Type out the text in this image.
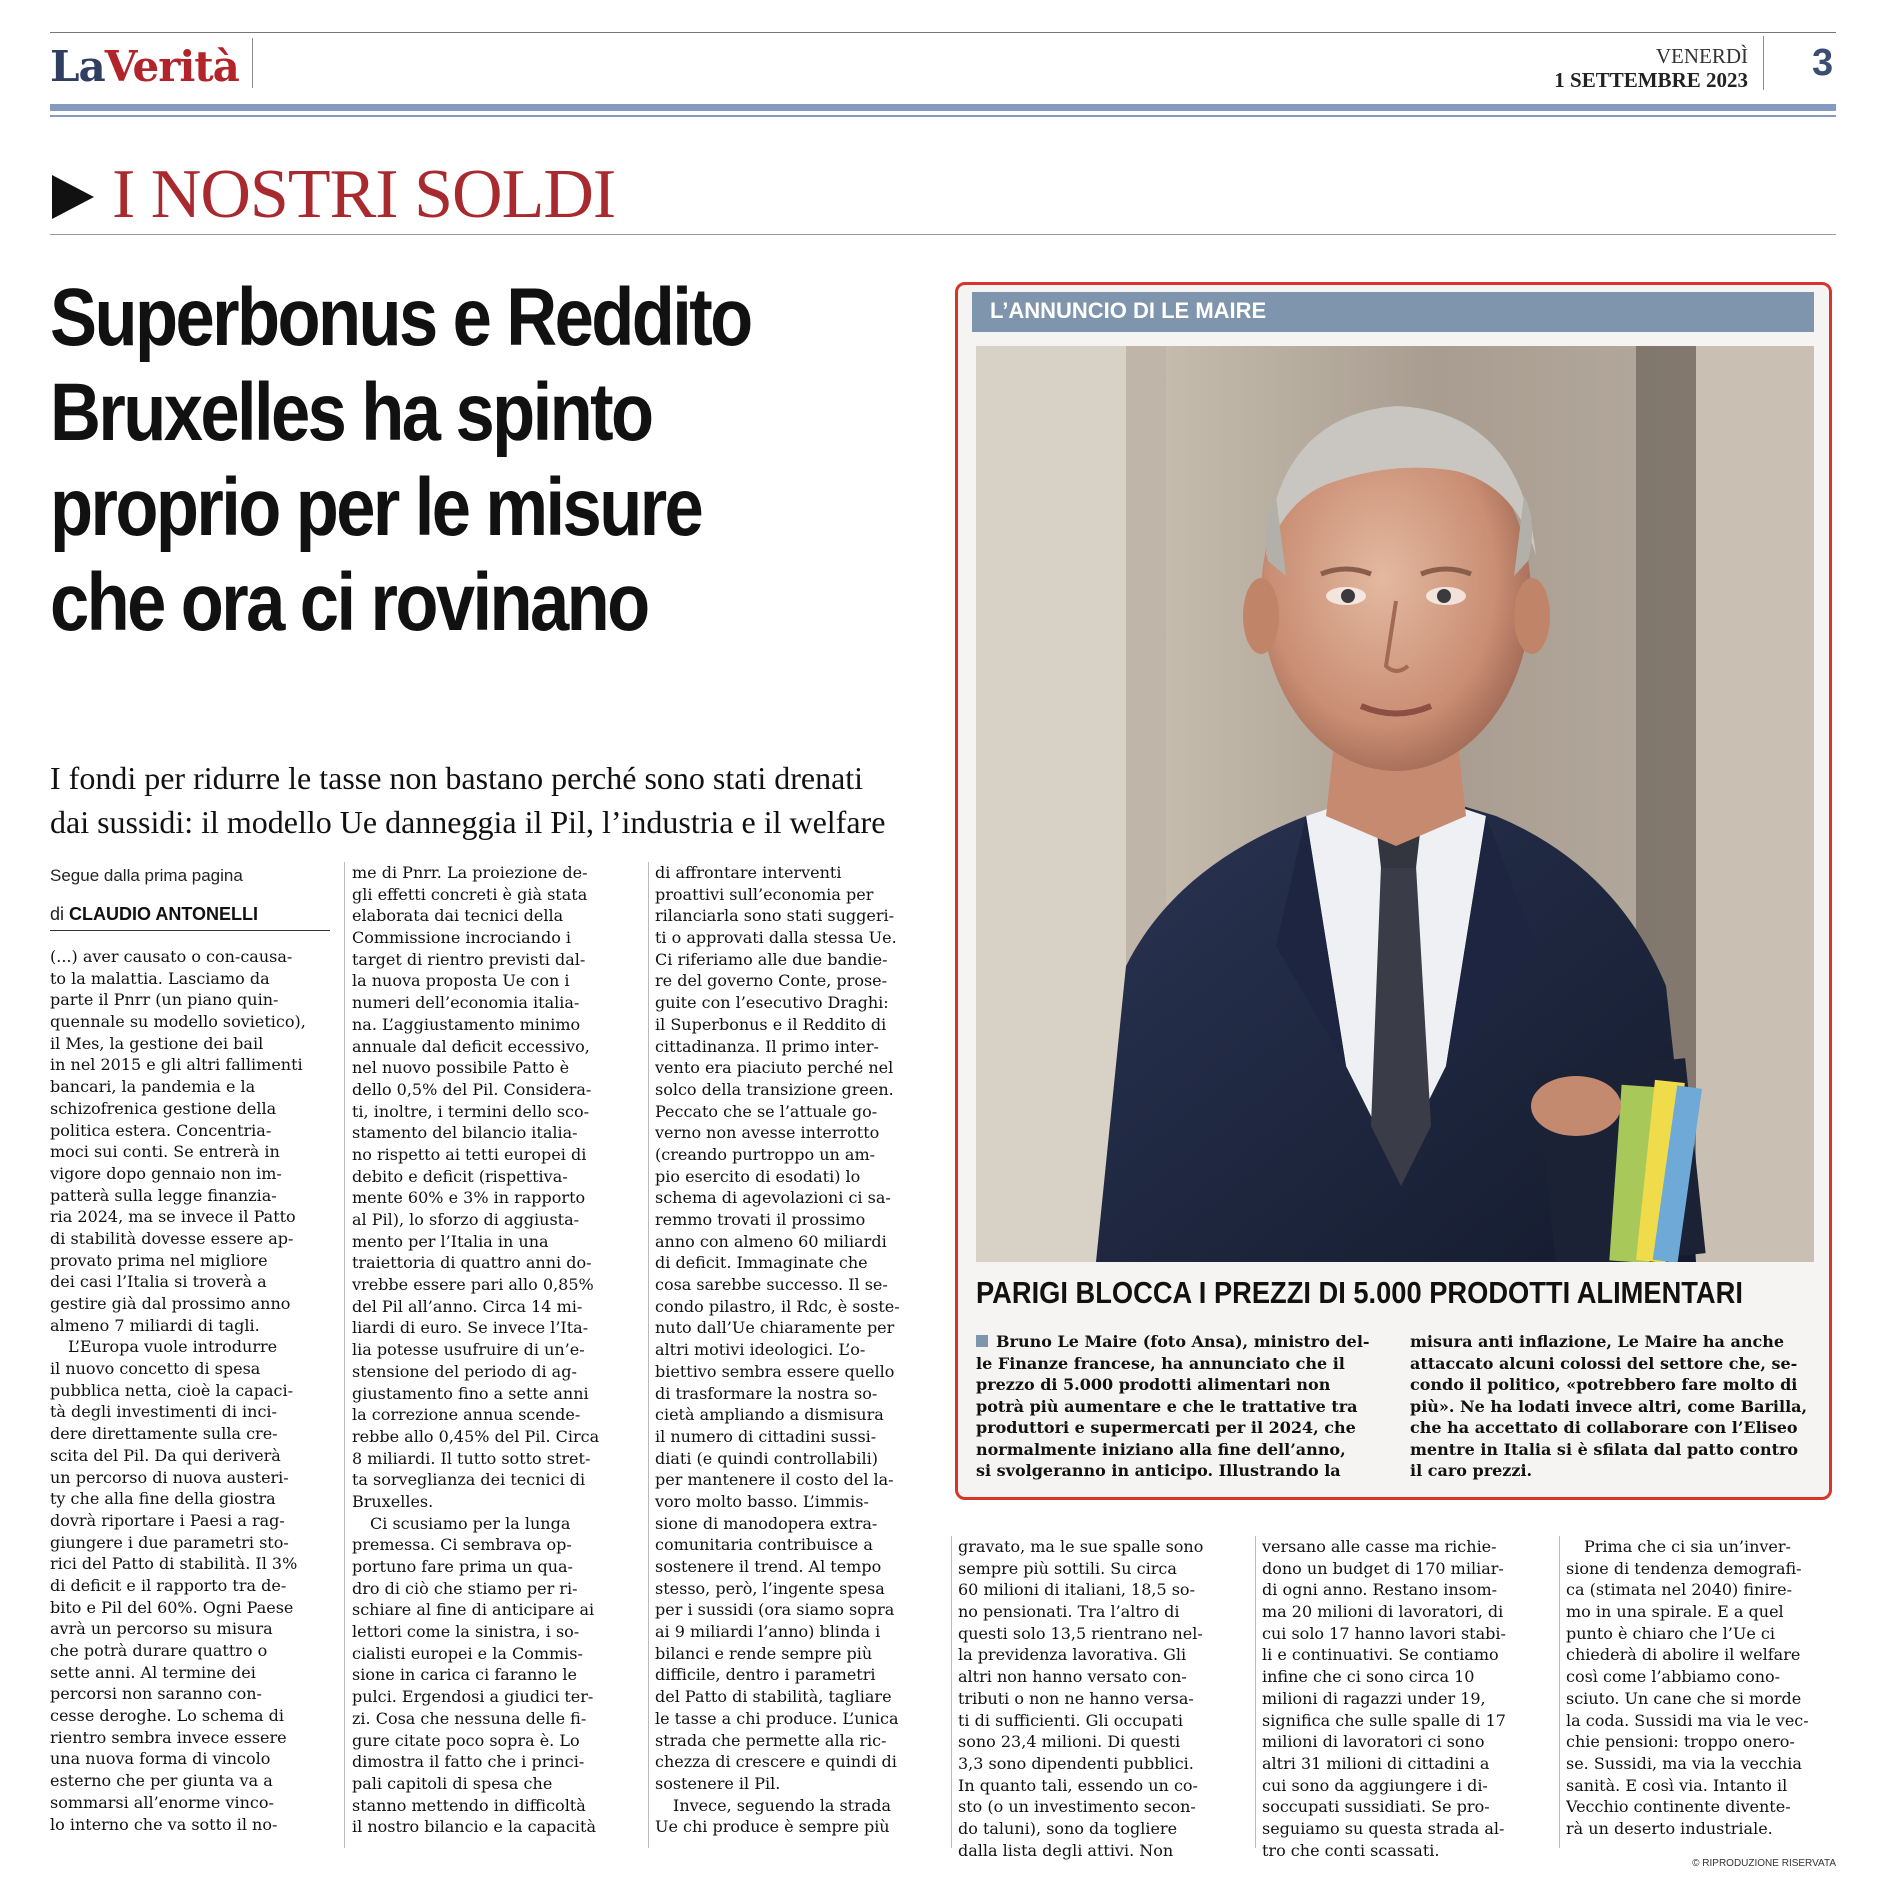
LaVerità	VENERDÌ
1 SETTEMBRE 2023 3
I NOSTRI SOLDI
Superbonus e Reddito
Bruxelles ha spinto
proprio per le misure
che ora ci rovinano
I fondi per ridurre le tasse non bastano perché sono stati drenati
dai sussidi: il modello Ue danneggia il Pil, l’industria e il welfare
Segue dalla prima pagina
di CLAUDIO ANTONELLI
(...) aver causato o con-causa-
to la malattia. Lasciamo da
parte il Pnrr (un piano quin-
quennale su modello sovietico),
il Mes, la gestione dei bail
in nel 2015 e gli altri fallimenti
bancari, la pandemia e la
schizofrenica gestione della
politica estera. Concentria-
moci sui conti. Se entrerà in
vigore dopo gennaio non im-
patterà sulla legge finanzia-
ria 2024, ma se invece il Patto
di stabilità dovesse essere ap-
provato prima nel migliore
dei casi l’Italia si troverà a
gestire già dal prossimo anno
almeno 7 miliardi di tagli.
L’Europa vuole introdurre
il nuovo concetto di spesa
pubblica netta, cioè la capaci-
tà degli investimenti di inci-
dere direttamente sulla cre-
scita del Pil. Da qui deriverà
un percorso di nuova austeri-
ty che alla fine della giostra
dovrà riportare i Paesi a rag-
giungere i due parametri sto-
rici del Patto di stabilità. Il 3%
di deficit e il rapporto tra de-
bito e Pil del 60%. Ogni Paese
avrà un percorso su misura
che potrà durare quattro o
sette anni. Al termine dei
percorsi non saranno con-
cesse deroghe. Lo schema di
rientro sembra invece essere
una nuova forma di vincolo
esterno che per giunta va a
sommarsi all’enorme vinco-
lo interno che va sotto il no-
me di Pnrr. La proiezione de-
gli effetti concreti è già stata
elaborata dai tecnici della
Commissione incrociando i
target di rientro previsti dal-
la nuova proposta Ue con i
numeri dell’economia italia-
na. L’aggiustamento minimo
annuale dal deficit eccessivo,
nel nuovo possibile Patto è
dello 0,5% del Pil. Considera-
ti, inoltre, i termini dello sco-
stamento del bilancio italia-
no rispetto ai tetti europei di
debito e deficit (rispettiva-
mente 60% e 3% in rapporto
al Pil), lo sforzo di aggiusta-
mento per l’Italia in una
traiettoria di quattro anni do-
vrebbe essere pari allo 0,85%
del Pil all’anno. Circa 14 mi-
liardi di euro. Se invece l’Ita-
lia potesse usufruire di un’e-
stensione del periodo di ag-
giustamento fino a sette anni
la correzione annua scende-
rebbe allo 0,45% del Pil. Circa
8 miliardi. Il tutto sotto stret-
ta sorveglianza dei tecnici di
Bruxelles.
Ci scusiamo per la lunga
premessa. Ci sembrava op-
portuno fare prima un qua-
dro di ciò che stiamo per ri-
schiare al fine di anticipare ai
lettori come la sinistra, i so-
cialisti europei e la Commis-
sione in carica ci faranno le
pulci. Ergendosi a giudici ter-
zi. Cosa che nessuna delle fi-
gure citate poco sopra è. Lo
dimostra il fatto che i princi-
pali capitoli di spesa che
stanno mettendo in difficoltà
il nostro bilancio e la capacità
di affrontare interventi
proattivi sull’economia per
rilanciarla sono stati suggeri-
ti o approvati dalla stessa Ue.
Ci riferiamo alle due bandie-
re del governo Conte, prose-
guite con l’esecutivo Draghi:
il Superbonus e il Reddito di
cittadinanza. Il primo inter-
vento era piaciuto perché nel
solco della transizione green.
Peccato che se l’attuale go-
verno non avesse interrotto
(creando purtroppo un am-
pio esercito di esodati) lo
schema di agevolazioni ci sa-
remmo trovati il prossimo
anno con almeno 60 miliardi
di deficit. Immaginate che
cosa sarebbe successo. Il se-
condo pilastro, il Rdc, è soste-
nuto dall’Ue chiaramente per
altri motivi ideologici. L’o-
biettivo sembra essere quello
di trasformare la nostra so-
cietà ampliando a dismisura
il numero di cittadini sussi-
diati (e quindi controllabili)
per mantenere il costo del la-
voro molto basso. L’immis-
sione di manodopera extra-
comunitaria contribuisce a
sostenere il trend. Al tempo
stesso, però, l’ingente spesa
per i sussidi (ora siamo sopra
ai 9 miliardi l’anno) blinda i
bilanci e rende sempre più
difficile, dentro i parametri
del Patto di stabilità, tagliare
le tasse a chi produce. L’unica
strada che permette alla ric-
chezza di crescere e quindi di
sostenere il Pil.
Invece, seguendo la strada
Ue chi produce è sempre più
L’ANNUNCIO DI LE MAIRE
PARIGI BLOCCA I PREZZI DI 5.000 PRODOTTI ALIMENTARI
Bruno Le Maire (foto Ansa), ministro del-
le Finanze francese, ha annunciato che il
prezzo di 5.000 prodotti alimentari non
potrà più aumentare e che le trattative tra
produttori e supermercati per il 2024, che
normalmente iniziano alla fine dell’anno,
si svolgeranno in anticipo. Illustrando la
misura anti inflazione, Le Maire ha anche
attaccato alcuni colossi del settore che, se-
condo il politico, «potrebbero fare molto di
più». Ne ha lodati invece altri, come Barilla,
che ha accettato di collaborare con l’Eliseo
mentre in Italia si è sfilata dal patto contro
il caro prezzi.
gravato, ma le sue spalle sono
sempre più sottili. Su circa
60 milioni di italiani, 18,5 so-
no pensionati. Tra l’altro di
questi solo 13,5 rientrano nel-
la previdenza lavorativa. Gli
altri non hanno versato con-
tributi o non ne hanno versa-
ti di sufficienti. Gli occupati
sono 23,4 milioni. Di questi
3,3 sono dipendenti pubblici.
In quanto tali, essendo un co-
sto (o un investimento secon-
do taluni), sono da togliere
dalla lista degli attivi. Non
versano alle casse ma richie-
dono un budget di 170 miliar-
di ogni anno. Restano insom-
ma 20 milioni di lavoratori, di
cui solo 17 hanno lavori stabi-
li e continuativi. Se contiamo
infine che ci sono circa 10
milioni di ragazzi under 19,
significa che sulle spalle di 17
milioni di lavoratori ci sono
altri 31 milioni di cittadini a
cui sono da aggiungere i di-
soccupati sussidiati. Se pro-
seguiamo su questa strada al-
tro che conti scassati.
Prima che ci sia un’inver-
sione di tendenza demografi-
ca (stimata nel 2040) finire-
mo in una spirale. E a quel
punto è chiaro che l’Ue ci
chiederà di abolire il welfare
così come l’abbiamo cono-
sciuto. Un cane che si morde
la coda. Sussidi ma via le vec-
chie pensioni: troppo onero-
se. Sussidi, ma via la vecchia
sanità. E così via. Intanto il
Vecchio continente divente-
rà un deserto industriale.
© RIPRODUZIONE RISERVATA
